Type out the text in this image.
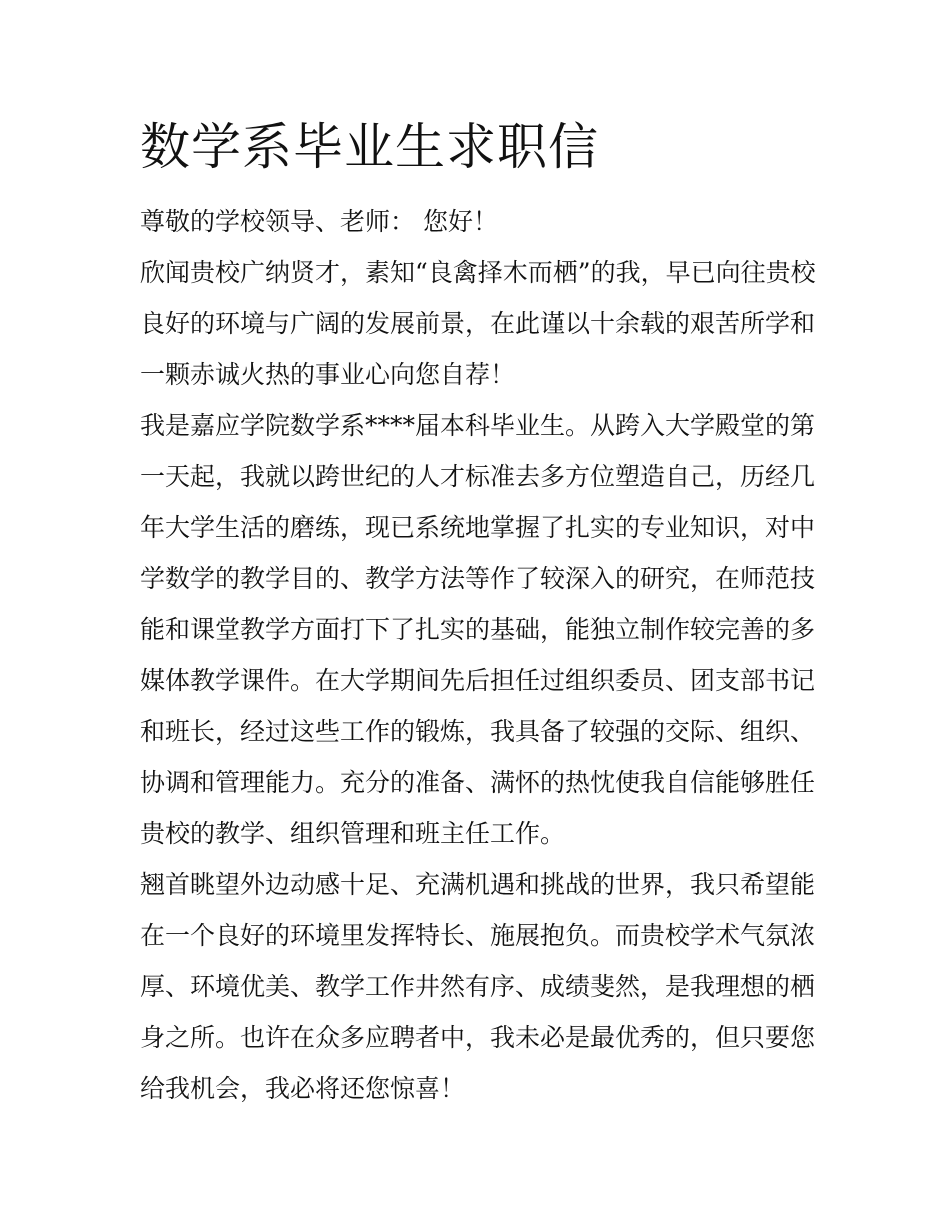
数学系毕业生求职信
尊敬的学校领导、老师： 您好！
欣闻贵校广纳贤才，素知“良禽择木而栖”的我，早已向往贵校
良好的环境与广阔的发展前景，在此谨以十余载的艰苦所学和
一颗赤诚火热的事业心向您自荐！
我是嘉应学院数学系****届本科毕业生。从跨入大学殿堂的第
一天起，我就以跨世纪的人才标准去多方位塑造自己，历经几
年大学生活的磨练，现已系统地掌握了扎实的专业知识，对中
学数学的教学目的、教学方法等作了较深入的研究，在师范技
能和课堂教学方面打下了扎实的基础，能独立制作较完善的多
媒体教学课件。在大学期间先后担任过组织委员、团支部书记
和班长，经过这些工作的锻炼，我具备了较强的交际、组织、
协调和管理能力。充分的准备、满怀的热忱使我自信能够胜任
贵校的教学、组织管理和班主任工作。
翘首眺望外边动感十足、充满机遇和挑战的世界，我只希望能
在一个良好的环境里发挥特长、施展抱负。而贵校学术气氛浓
厚、环境优美、教学工作井然有序、成绩斐然，是我理想的栖
身之所。也许在众多应聘者中，我未必是最优秀的，但只要您
给我机会，我必将还您惊喜！
